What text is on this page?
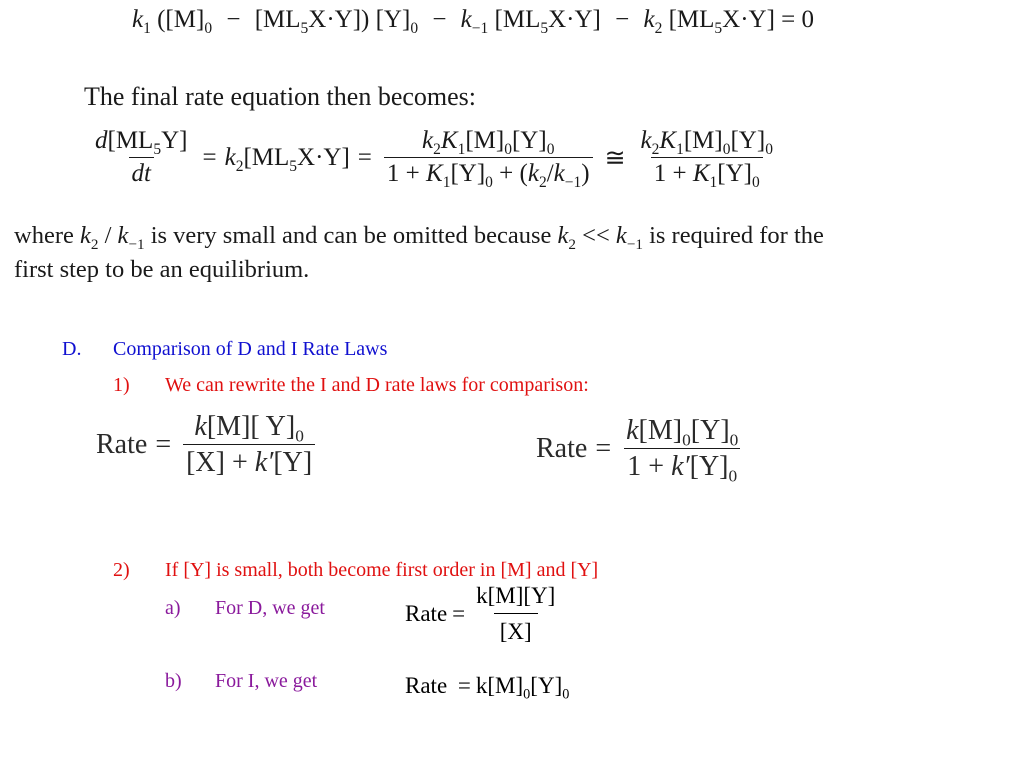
$k_1$ $([M]_0 - [ML_5X\cdot Y]) [Y]_0 - k_{-1}$ $[ML_5X\cdot Y] - k_2$ $[ML_5X\cdot Y] = 0$
The final rate equation then becomes:
$\frac{d[ML_5Y]}{dt} = k_2[ML_5X\cdot Y] = \frac{k_2K_1[M]_0[Y]_0}{1 + K_1[Y]_0 + (k_2/k_{-1})}$ ≅ $\frac{k_2K_1[M]_0[Y]_0}{1 + K_1[Y]_0}$
where $k_2 / k_{-1}$ is very small and can be omitted because $k_2 << k_{-1}$ is required for the
first step to be an equilibrium.
D. Comparison of D and I Rate Laws
1) We can rewrite the I and D rate laws for comparison:
Rate = $\frac{k[M][ Y]_0}{[X] + k'[Y]}$	Rate = $\frac{k[M]_0[Y]_0}{1 + k'[Y]_0}$
2) If [Y] is small, both become first order in [M] and [Y]
a) For D, we get	Rate = $\frac{k[M][Y]}{[X]}$
b) For I, we get	Rate = $k[M]_0[Y]_0$
